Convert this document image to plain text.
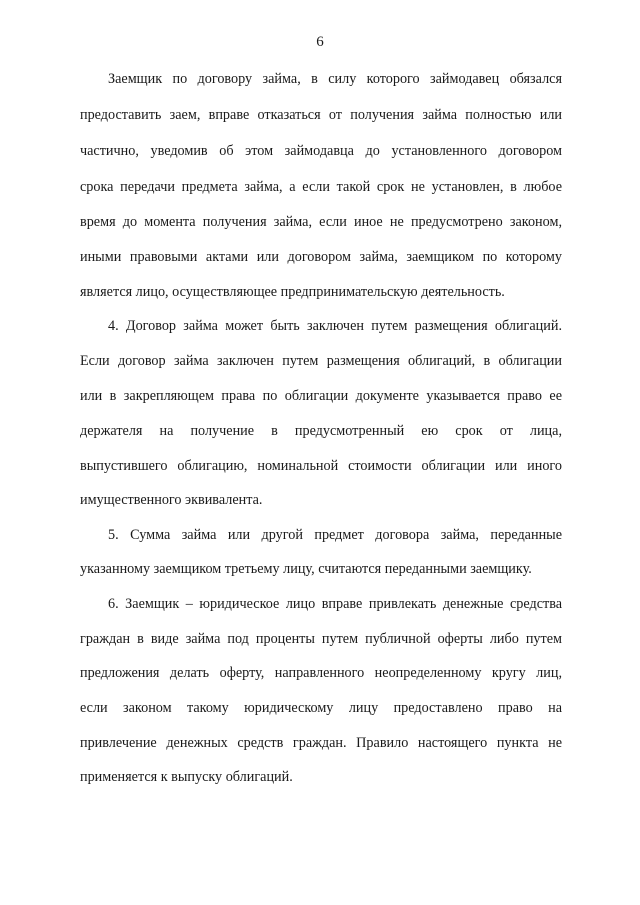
6
Заемщик по договору займа, в силу которого займодавец обязался
предоставить заем, вправе отказаться от получения займа полностью или
частично, уведомив об этом займодавца до установленного договором
срока передачи предмета займа, а если такой срок не установлен, в любое
время до момента получения займа, если иное не предусмотрено законом,
иными правовыми актами или договором займа, заемщиком по которому
является лицо, осуществляющее предпринимательскую деятельность.
4. Договор займа может быть заключен путем размещения облигаций.
Если договор займа заключен путем размещения облигаций, в облигации
или в закрепляющем права по облигации документе указывается право ее
держателя на получение в предусмотренный ею срок от лица,
выпустившего облигацию, номинальной стоимости облигации или иного
имущественного эквивалента.
5. Сумма займа или другой предмет договора займа, переданные
указанному заемщиком третьему лицу, считаются переданными заемщику.
6. Заемщик – юридическое лицо вправе привлекать денежные средства
граждан в виде займа под проценты путем публичной оферты либо путем
предложения делать оферту, направленного неопределенному кругу лиц,
если законом такому юридическому лицу предоставлено право на
привлечение денежных средств граждан. Правило настоящего пункта не
применяется к выпуску облигаций.
